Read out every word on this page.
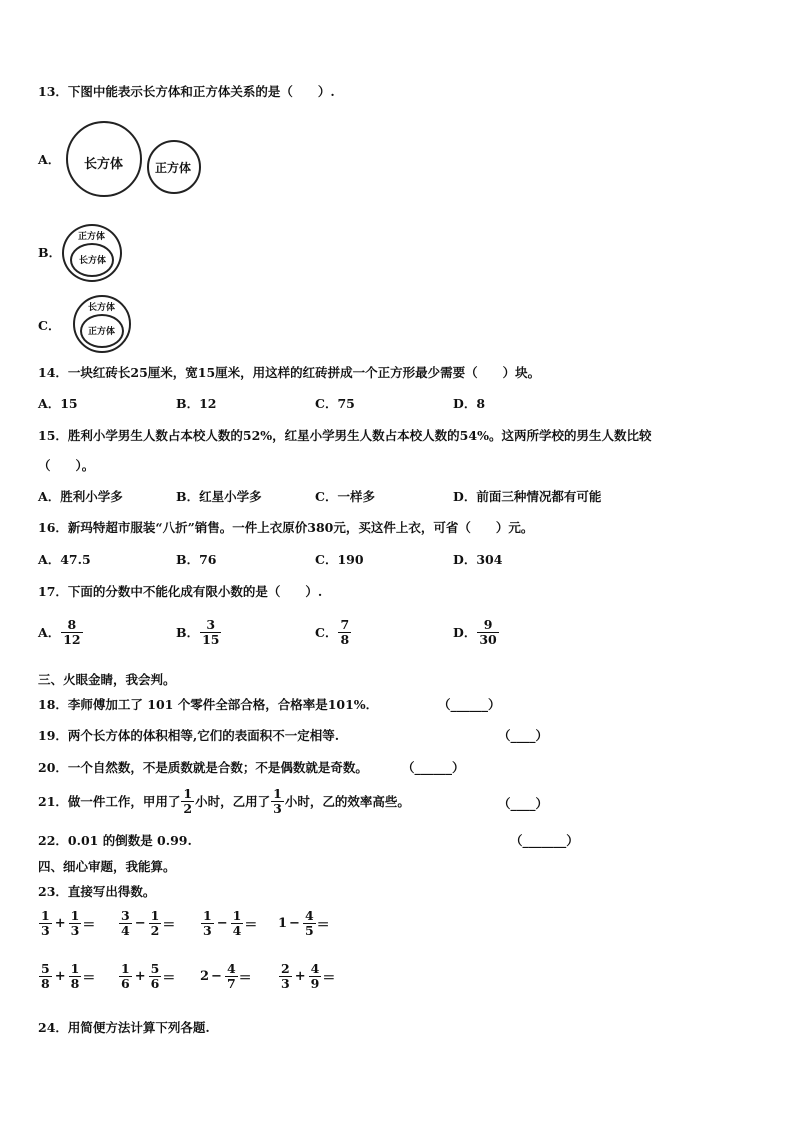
13．下图中能表示长方体和正方体关系的是（　　）.
A． 长方体	正方体
B．
正方体
长方体
C．
长方体
正方体
14．一块红砖长25厘米，宽15厘米，用这样的红砖拼成一个正方形最少需要（　　）块。
A．15	B．12	C．75	D．8
15．胜利小学男生人数占本校人数的52%，红星小学男生人数占本校人数的54%。这两所学校的男生人数比较
（　　）。
A．胜利小学多	B．红星小学多	C．一样多	D．前面三种情况都有可能
16．新玛特超市服装“八折”销售。一件上衣原价380元，买这件上衣，可省（　　）元。
A．47.5	B．76	C．190	D．304
17．下面的分数中不能化成有限小数的是（　　）.
A． $\frac{8}{12}$	B． $\frac{3}{15}$	C． $\frac{7}{8}$	D． $\frac{9}{30}$
三、火眼金睛，我会判。
18．李师傅加工了 101 个零件全部合格，合格率是101%．	（______）
19．两个长方体的体积相等,它们的表面积不一定相等.	（____）
20．一个自然数，不是质数就是合数；不是偶数就是奇数。	（______）
21．做一件工作，甲用了 $\frac{1}{2}$ 小时，乙用了 $\frac{1}{3}$ 小时，乙的效率高些。	（____）
22．0.01 的倒数是 0.99.	（_______）
四、细心审题，我能算。
23．直接写出得数。
$\frac{1}{3} + \frac{1}{3} = \frac{3}{4} - \frac{1}{2} = \frac{1}{3} - \frac{1}{4} = 1 - \frac{4}{5}$ ＝
$\frac{5}{8} + \frac{1}{8} = \frac{1}{6} + \frac{5}{6} = 2 - \frac{4}{7} = \frac{2}{3} + \frac{4}{9}$ ＝
24．用简便方法计算下列各题.
